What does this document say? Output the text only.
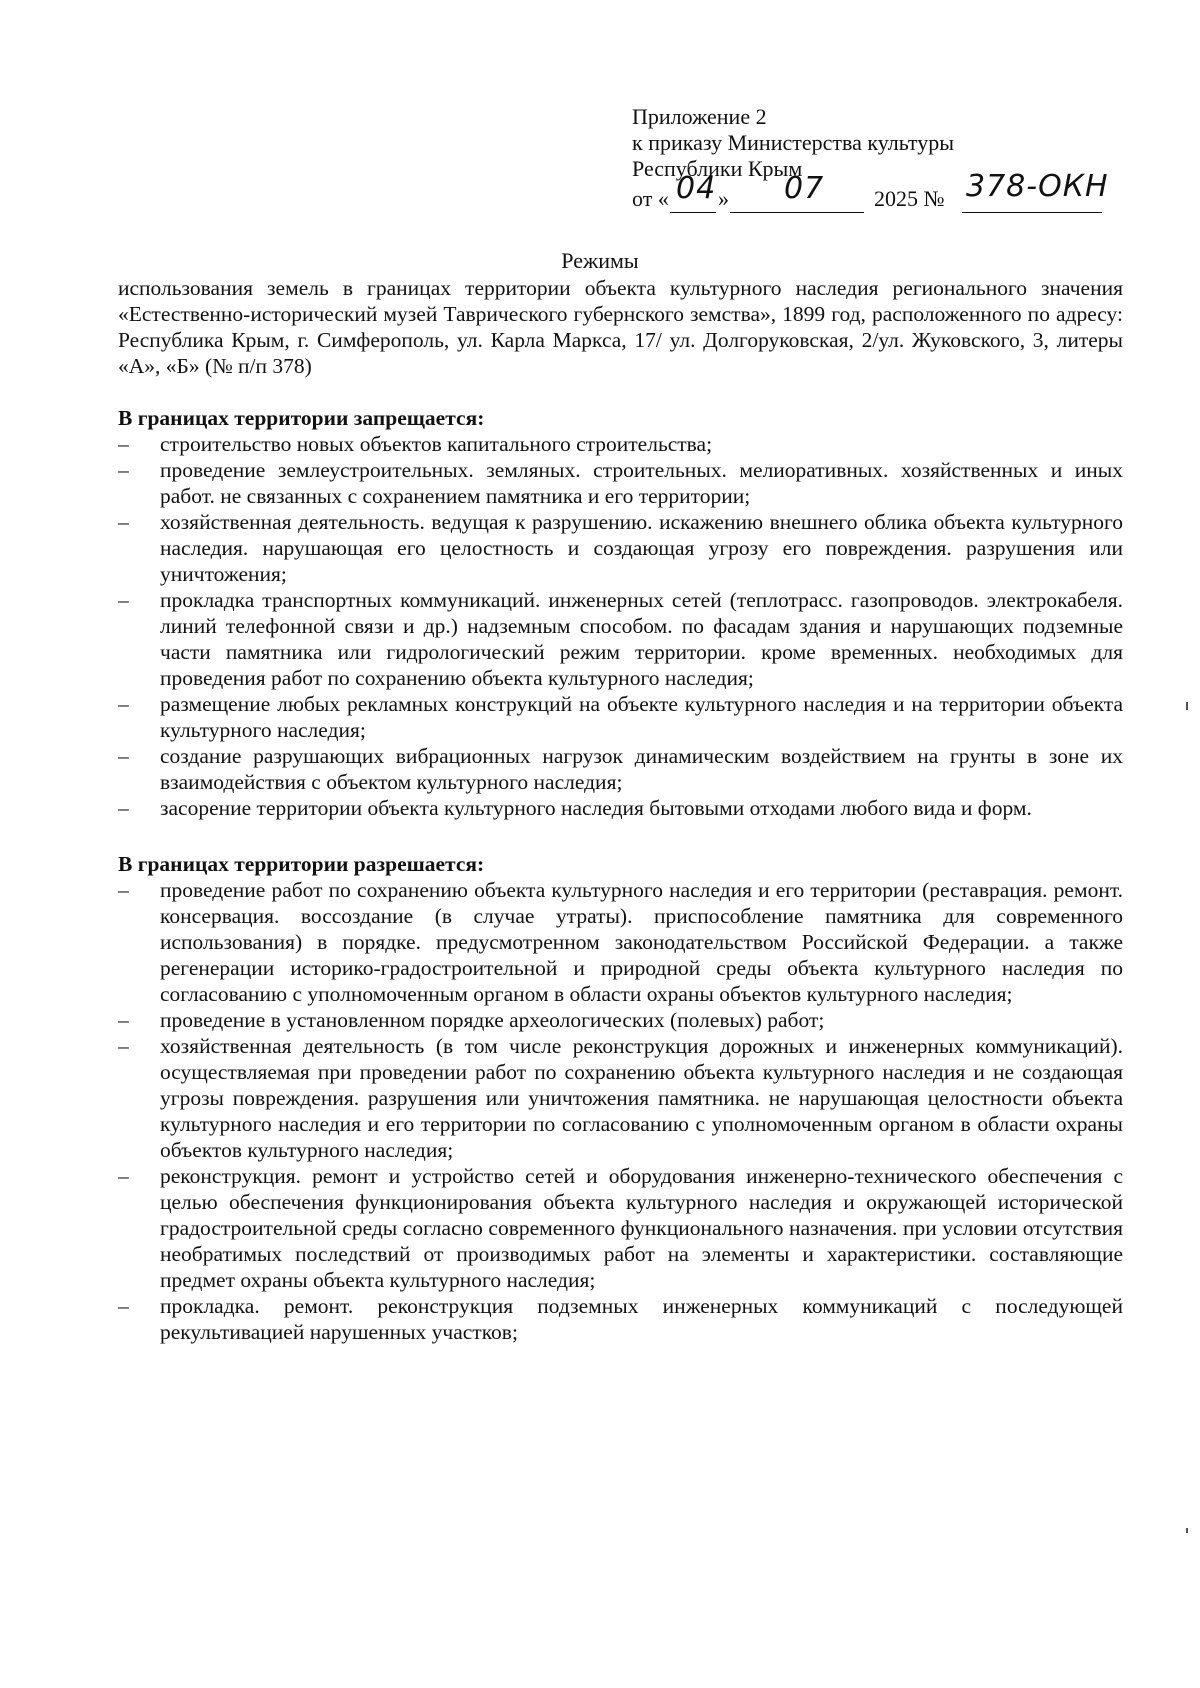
Приложение 2
к приказу Министерства культуры
Республики Крым
от « 04 » 07 2025 № 378-ОКН
Режимы

использования земель в границах территории объекта культурного наследия регионального значения «Естественно-исторический музей Таврического губернского земства», 1899 год, расположенного по адресу: Республика Крым, г. Симферополь, ул. Карла Маркса, 17/ ул. Долгоруковская, 2/ул. Жуковского, 3, литеры «А», «Б» (№ п/п 378)

В границах территории запрещается:

– строительство новых объектов капитального строительства;
– проведение землеустроительных. земляных. строительных. мелиоративных. хозяйственных и иных работ. не связанных с сохранением памятника и его территории;
– хозяйственная деятельность. ведущая к разрушению. искажению внешнего облика объекта культурного наследия. нарушающая его целостность и создающая угрозу его повреждения. разрушения или уничтожения;
– прокладка транспортных коммуникаций. инженерных сетей (теплотрасс. газопроводов. электрокабеля. линий телефонной связи и др.) надземным способом. по фасадам здания и нарушающих подземные части памятника или гидрологический режим территории. кроме временных. необходимых для проведения работ по сохранению объекта культурного наследия;
– размещение любых рекламных конструкций на объекте культурного наследия и на территории объекта культурного наследия;
– создание разрушающих вибрационных нагрузок динамическим воздействием на грунты в зоне их взаимодействия с объектом культурного наследия;
– засорение территории объекта культурного наследия бытовыми отходами любого вида и форм.

В границах территории разрешается:

– проведение работ по сохранению объекта культурного наследия и его территории (реставрация. ремонт. консервация. воссоздание (в случае утраты). приспособление памятника для современного использования) в порядке. предусмотренном законодательством Российской Федерации. а также регенерации историко-градостроительной и природной среды объекта культурного наследия по согласованию с уполномоченным органом в области охраны объектов культурного наследия;
– проведение в установленном порядке археологических (полевых) работ;
– хозяйственная деятельность (в том числе реконструкция дорожных и инженерных коммуникаций). осуществляемая при проведении работ по сохранению объекта культурного наследия и не создающая угрозы повреждения. разрушения или уничтожения памятника. не нарушающая целостности объекта культурного наследия и его территории по согласованию с уполномоченным органом в области охраны объектов культурного наследия;
– реконструкция. ремонт и устройство сетей и оборудования инженерно-технического обеспечения с целью обеспечения функционирования объекта культурного наследия и окружающей исторической градостроительной среды согласно современного функционального назначения. при условии отсутствия необратимых последствий от производимых работ на элементы и характеристики. составляющие предмет охраны объекта культурного наследия;
– прокладка. ремонт. реконструкция подземных инженерных коммуникаций с последующей рекультивацией нарушенных участков;
